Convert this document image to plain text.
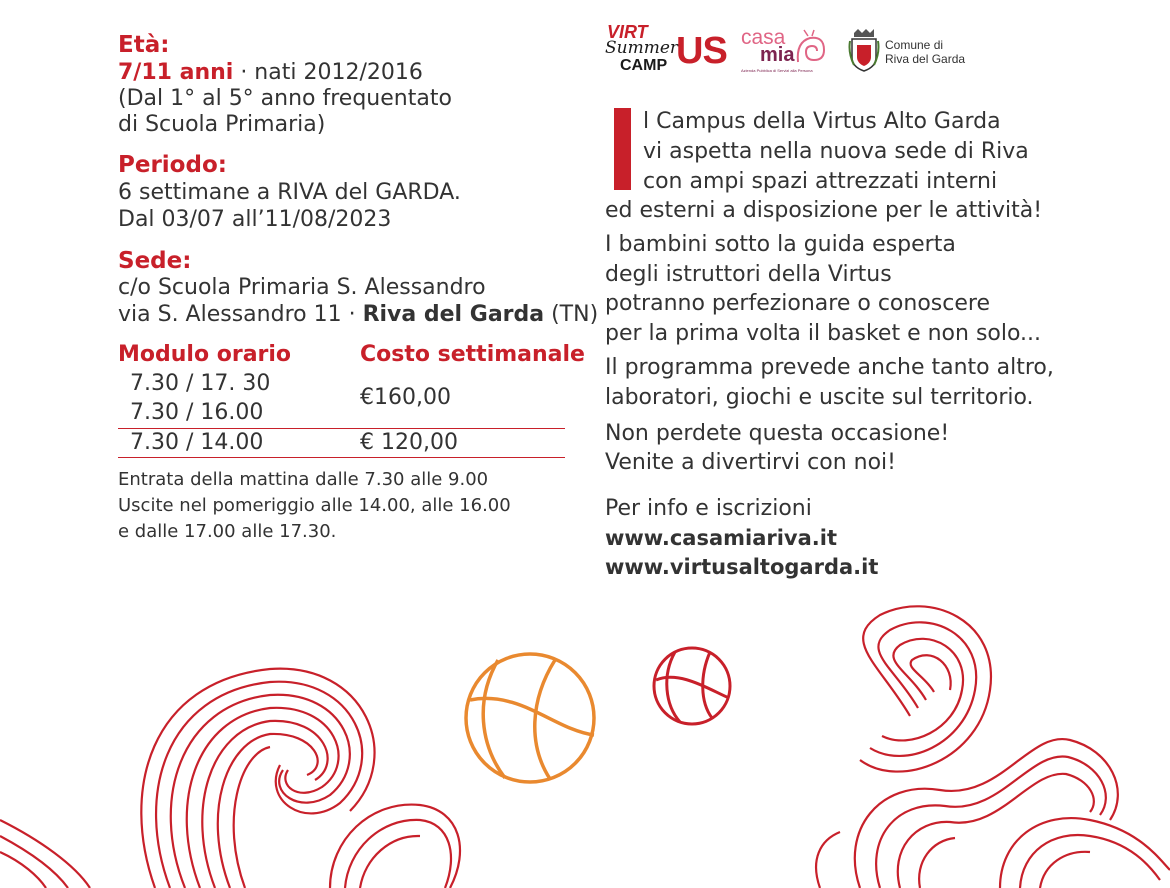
Età:
7/11 anni · nati 2012/2016
(Dal 1° al 5° anno frequentato
di Scuola Primaria)
Periodo:
6 settimane a RIVA del GARDA.
Dal 03/07 all’11/08/2023
Sede:
c/o Scuola Primaria S. Alessandro
via S. Alessandro 11 · Riva del Garda (TN)
Modulo orario	Costo settimanale
7.30 / 17. 30
7.30 / 16.00
€160,00
7.30 / 14.00	€ 120,00
Entrata della mattina dalle 7.30 alle 9.00
Uscite nel pomeriggio alle 14.00, alle 16.00
e dalle 17.00 alle 17.30.
VIRT
Summer
CAMP US casa
mia
Azienda Pubblica di Servizi alla Persona
Comune di
Riva del Garda
l Campus della Virtus Alto Garda
vi aspetta nella nuova sede di Riva
con ampi spazi attrezzati interni
ed esterni a disposizione per le attività!
I bambini sotto la guida esperta
degli istruttori della Virtus
potranno perfezionare o conoscere
per la prima volta il basket e non solo...
Il programma prevede anche tanto altro,
laboratori, giochi e uscite sul territorio.
Non perdete questa occasione!
Venite a divertirvi con noi!
Per info e iscrizioni
www.casamiariva.it
www.virtusaltogarda.it
